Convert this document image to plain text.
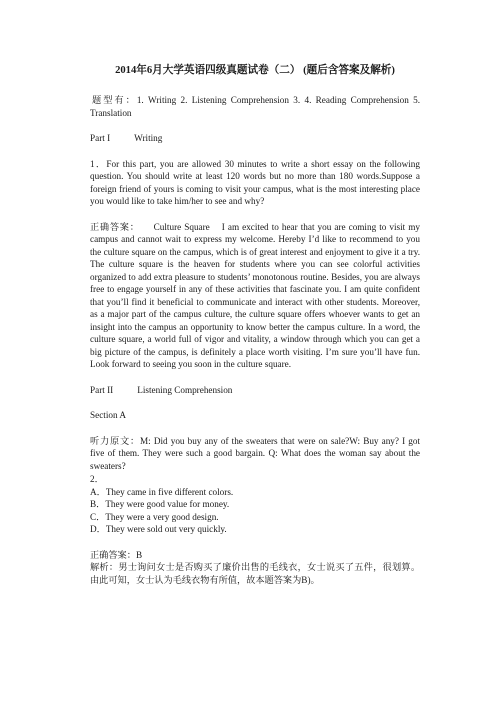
2014年6月大学英语四级真题试卷（二） (题后含答案及解析)

题型有：1. Writing 2. Listening Comprehension 3. 4. Reading Comprehension 5. Translation

Part I	Writing

1．For this part, you are allowed 30 minutes to write a short essay on the following question. You should write at least 120 words but no more than 180 words.Suppose a foreign friend of yours is coming to visit your campus, what is the most interesting place you would like to take him/her to see and why?

正确答案： Culture Square I am excited to hear that you are coming to visit my campus and cannot wait to express my welcome. Hereby I’d like to recommend to you the culture square on the campus, which is of great interest and enjoyment to give it a try. The culture square is the heaven for students where you can see colorful activities organized to add extra pleasure to students’ monotonous routine. Besides, you are always free to engage yourself in any of these activities that fascinate you. I am quite confident that you’ll find it beneficial to communicate and interact with other students. Moreover, as a major part of the campus culture, the culture square offers whoever wants to get an insight into the campus an opportunity to know better the campus culture. In a word, the culture square, a world full of vigor and vitality, a window through which you can get a big picture of the campus, is definitely a place worth visiting. I’m sure you’ll have fun. Look forward to seeing you soon in the culture square.

Part II	Listening Comprehension

Section A

听力原文：M: Did you buy any of the sweaters that were on sale?W: Buy any? I got five of them. They were such a good bargain. Q: What does the woman say about the sweaters?

2．

A．They came in five different colors.
B．They were good value for money.
C．They were a very good design.
D．They were sold out very quickly.

正确答案：B

解析：男士询问女士是否购买了廉价出售的毛线衣，女士说买了五件，很划算。由此可知，女士认为毛线衣物有所值，故本题答案为B)。
